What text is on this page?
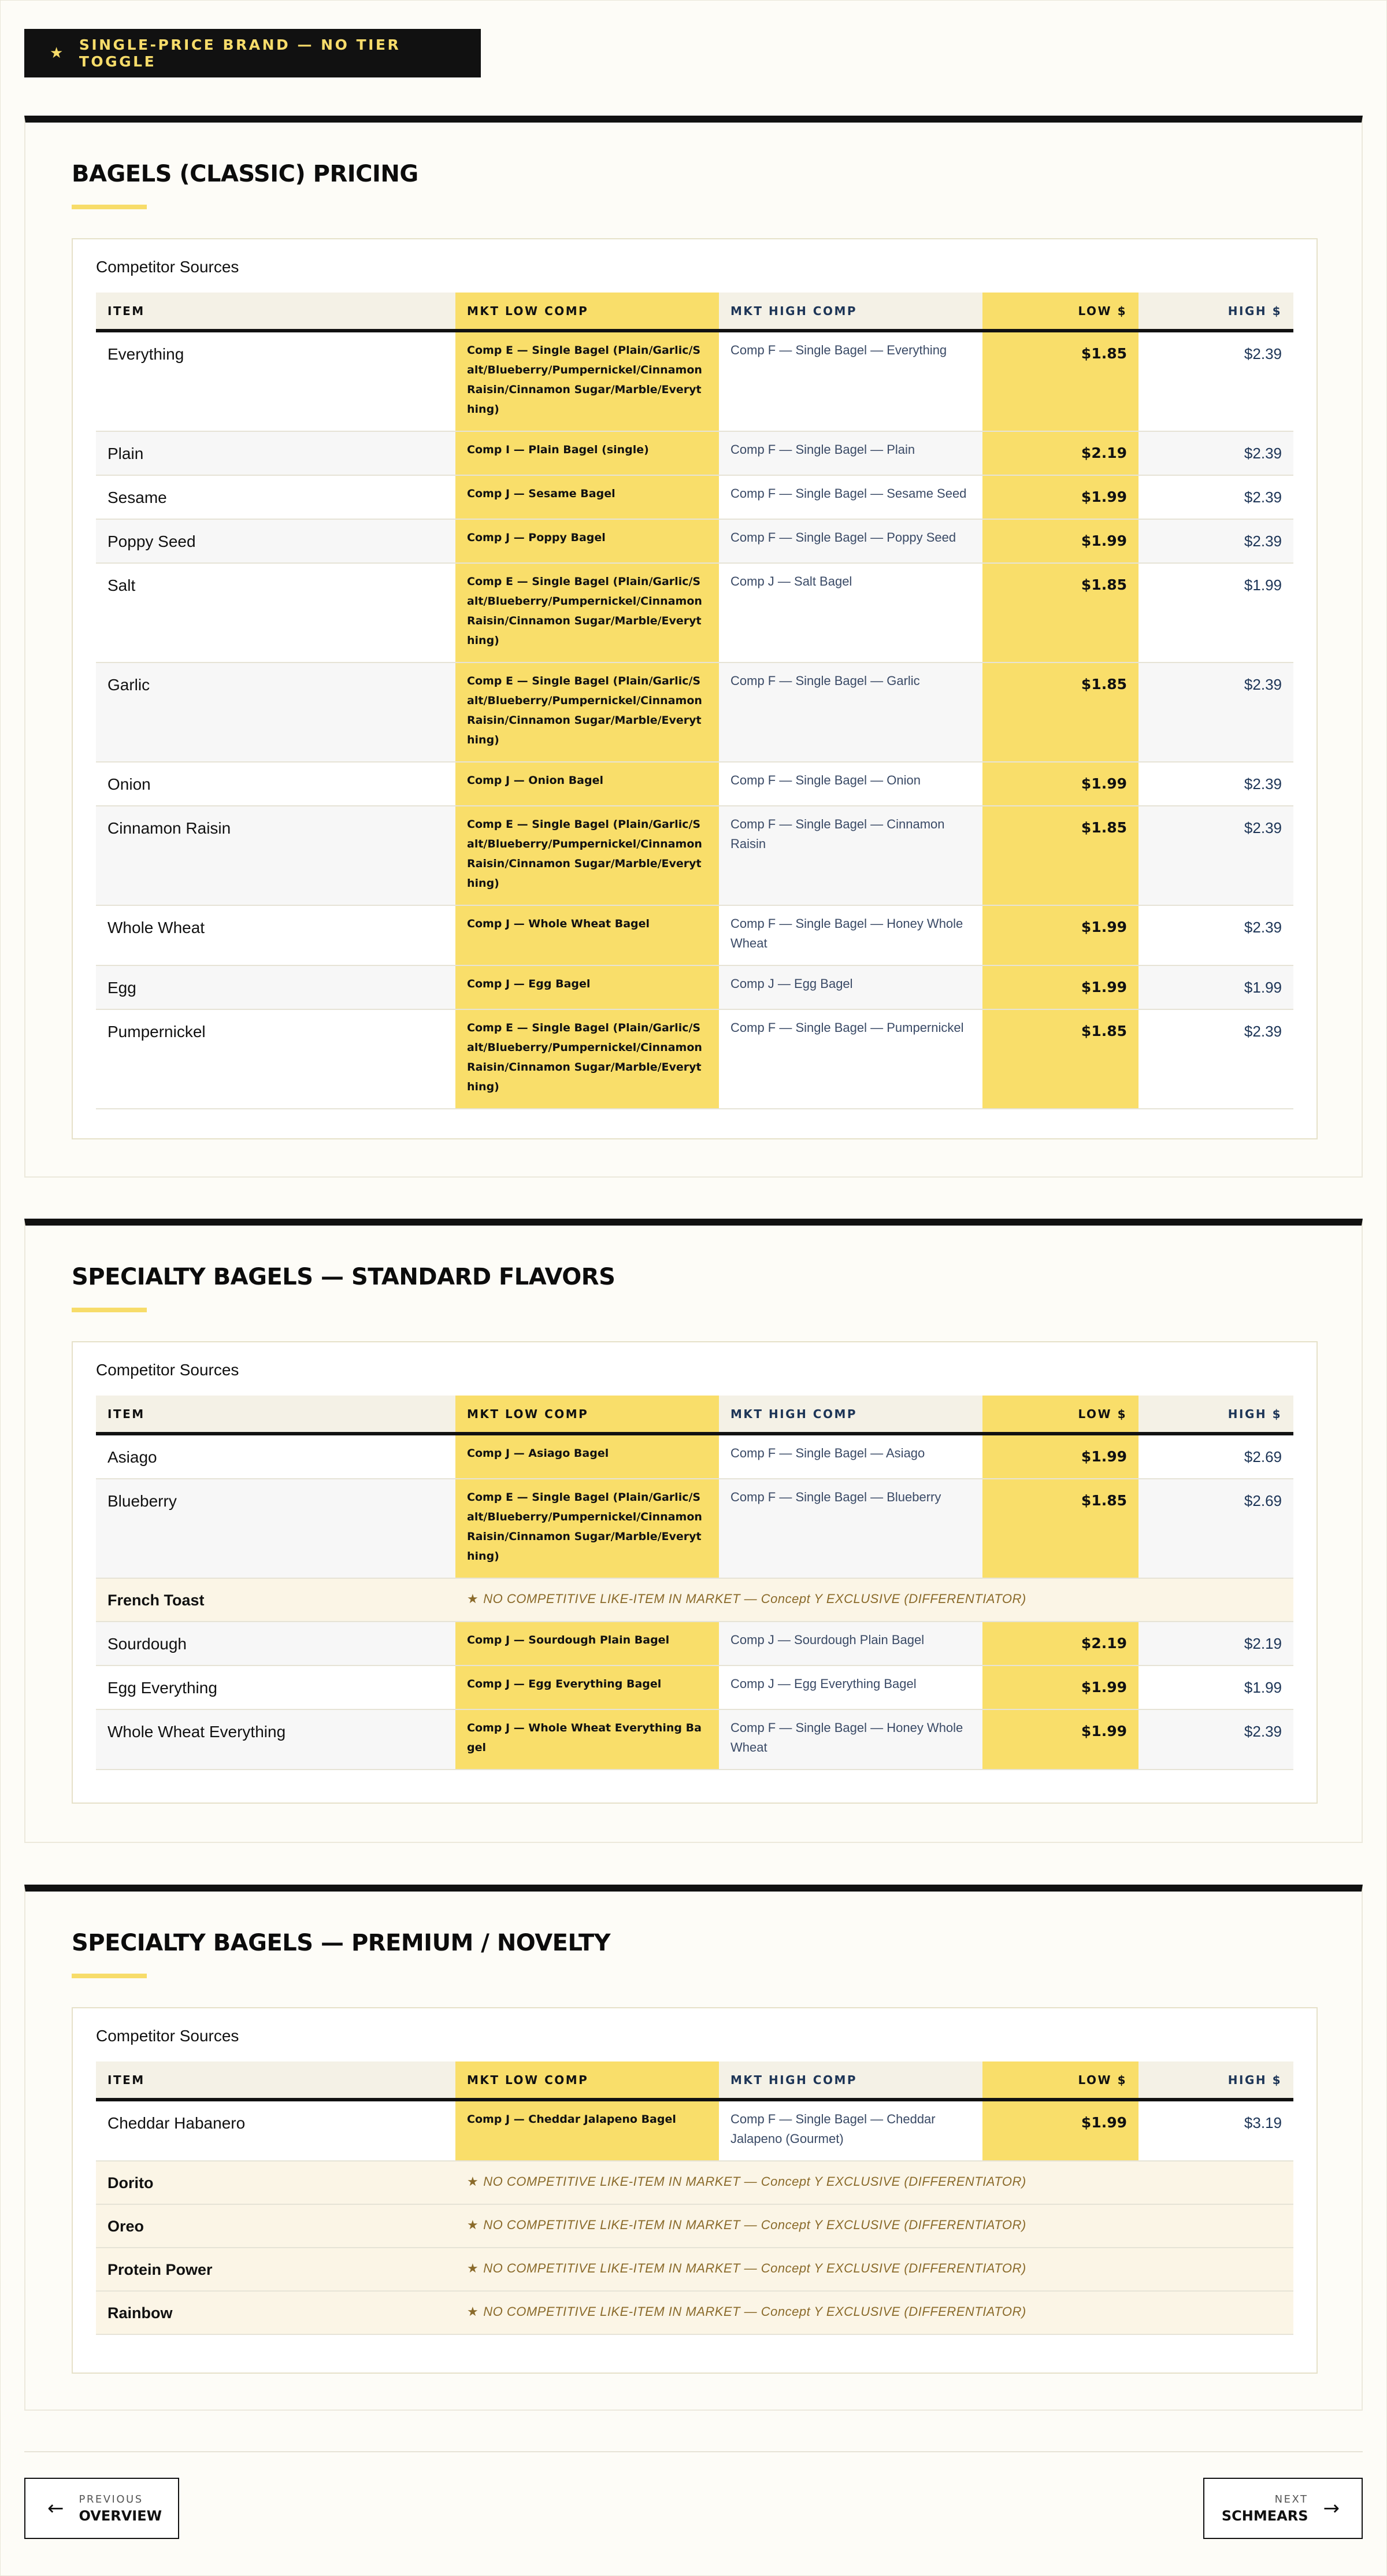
★ SINGLE-PRICE BRAND — NO TIER TOGGLE
BAGELS (CLASSIC) PRICING
Competitor Sources
ITEM	MKT LOW COMP	MKT HIGH COMP	LOW $	HIGH $
Everything	Comp E — Single Bagel (Plain/Garlic/Salt/Blueberry/Pumpernickel/Cinnamon Raisin/Cinnamon Sugar/Marble/Everything)	Comp F — Single Bagel — Everything	$1.85	$2.39
Plain	Comp I — Plain Bagel (single)	Comp F — Single Bagel — Plain	$2.19	$2.39
Sesame	Comp J — Sesame Bagel	Comp F — Single Bagel — Sesame Seed	$1.99	$2.39
Poppy Seed	Comp J — Poppy Bagel	Comp F — Single Bagel — Poppy Seed	$1.99	$2.39
Salt	Comp E — Single Bagel (Plain/Garlic/Salt/Blueberry/Pumpernickel/Cinnamon Raisin/Cinnamon Sugar/Marble/Everything)	Comp J — Salt Bagel	$1.85	$1.99
Garlic	Comp E — Single Bagel (Plain/Garlic/Salt/Blueberry/Pumpernickel/Cinnamon Raisin/Cinnamon Sugar/Marble/Everything)	Comp F — Single Bagel — Garlic	$1.85	$2.39
Onion	Comp J — Onion Bagel	Comp F — Single Bagel — Onion	$1.99	$2.39
Cinnamon Raisin	Comp E — Single Bagel (Plain/Garlic/Salt/Blueberry/Pumpernickel/Cinnamon Raisin/Cinnamon Sugar/Marble/Everything)	Comp F — Single Bagel — Cinnamon Raisin	$1.85	$2.39
Whole Wheat	Comp J — Whole Wheat Bagel	Comp F — Single Bagel — Honey Whole Wheat	$1.99	$2.39
Egg	Comp J — Egg Bagel	Comp J — Egg Bagel	$1.99	$1.99
Pumpernickel	Comp E — Single Bagel (Plain/Garlic/Salt/Blueberry/Pumpernickel/Cinnamon Raisin/Cinnamon Sugar/Marble/Everything)	Comp F — Single Bagel — Pumpernickel	$1.85	$2.39
SPECIALTY BAGELS — STANDARD FLAVORS
Competitor Sources
ITEM	MKT LOW COMP	MKT HIGH COMP	LOW $	HIGH $
Asiago	Comp J — Asiago Bagel	Comp F — Single Bagel — Asiago	$1.99	$2.69
Blueberry	Comp E — Single Bagel (Plain/Garlic/Salt/Blueberry/Pumpernickel/Cinnamon Raisin/Cinnamon Sugar/Marble/Everything)	Comp F — Single Bagel — Blueberry	$1.85	$2.69
French Toast	★ NO COMPETITIVE LIKE-ITEM IN MARKET — Concept Y EXCLUSIVE (DIFFERENTIATOR)			
Sourdough	Comp J — Sourdough Plain Bagel	Comp J — Sourdough Plain Bagel	$2.19	$2.19
Egg Everything	Comp J — Egg Everything Bagel	Comp J — Egg Everything Bagel	$1.99	$1.99
Whole Wheat Everything	Comp J — Whole Wheat Everything Bagel	Comp F — Single Bagel — Honey Whole Wheat	$1.99	$2.39
SPECIALTY BAGELS — PREMIUM / NOVELTY
Competitor Sources
ITEM	MKT LOW COMP	MKT HIGH COMP	LOW $	HIGH $
Cheddar Habanero	Comp J — Cheddar Jalapeno Bagel	Comp F — Single Bagel — Cheddar Jalapeno (Gourmet)	$1.99	$3.19
Dorito	★ NO COMPETITIVE LIKE-ITEM IN MARKET — Concept Y EXCLUSIVE (DIFFERENTIATOR)			
Oreo	★ NO COMPETITIVE LIKE-ITEM IN MARKET — Concept Y EXCLUSIVE (DIFFERENTIATOR)			
Protein Power	★ NO COMPETITIVE LIKE-ITEM IN MARKET — Concept Y EXCLUSIVE (DIFFERENTIATOR)			
Rainbow	★ NO COMPETITIVE LIKE-ITEM IN MARKET — Concept Y EXCLUSIVE (DIFFERENTIATOR)			
← PREVIOUS
OVERVIEW
NEXT
SCHMEARS →
